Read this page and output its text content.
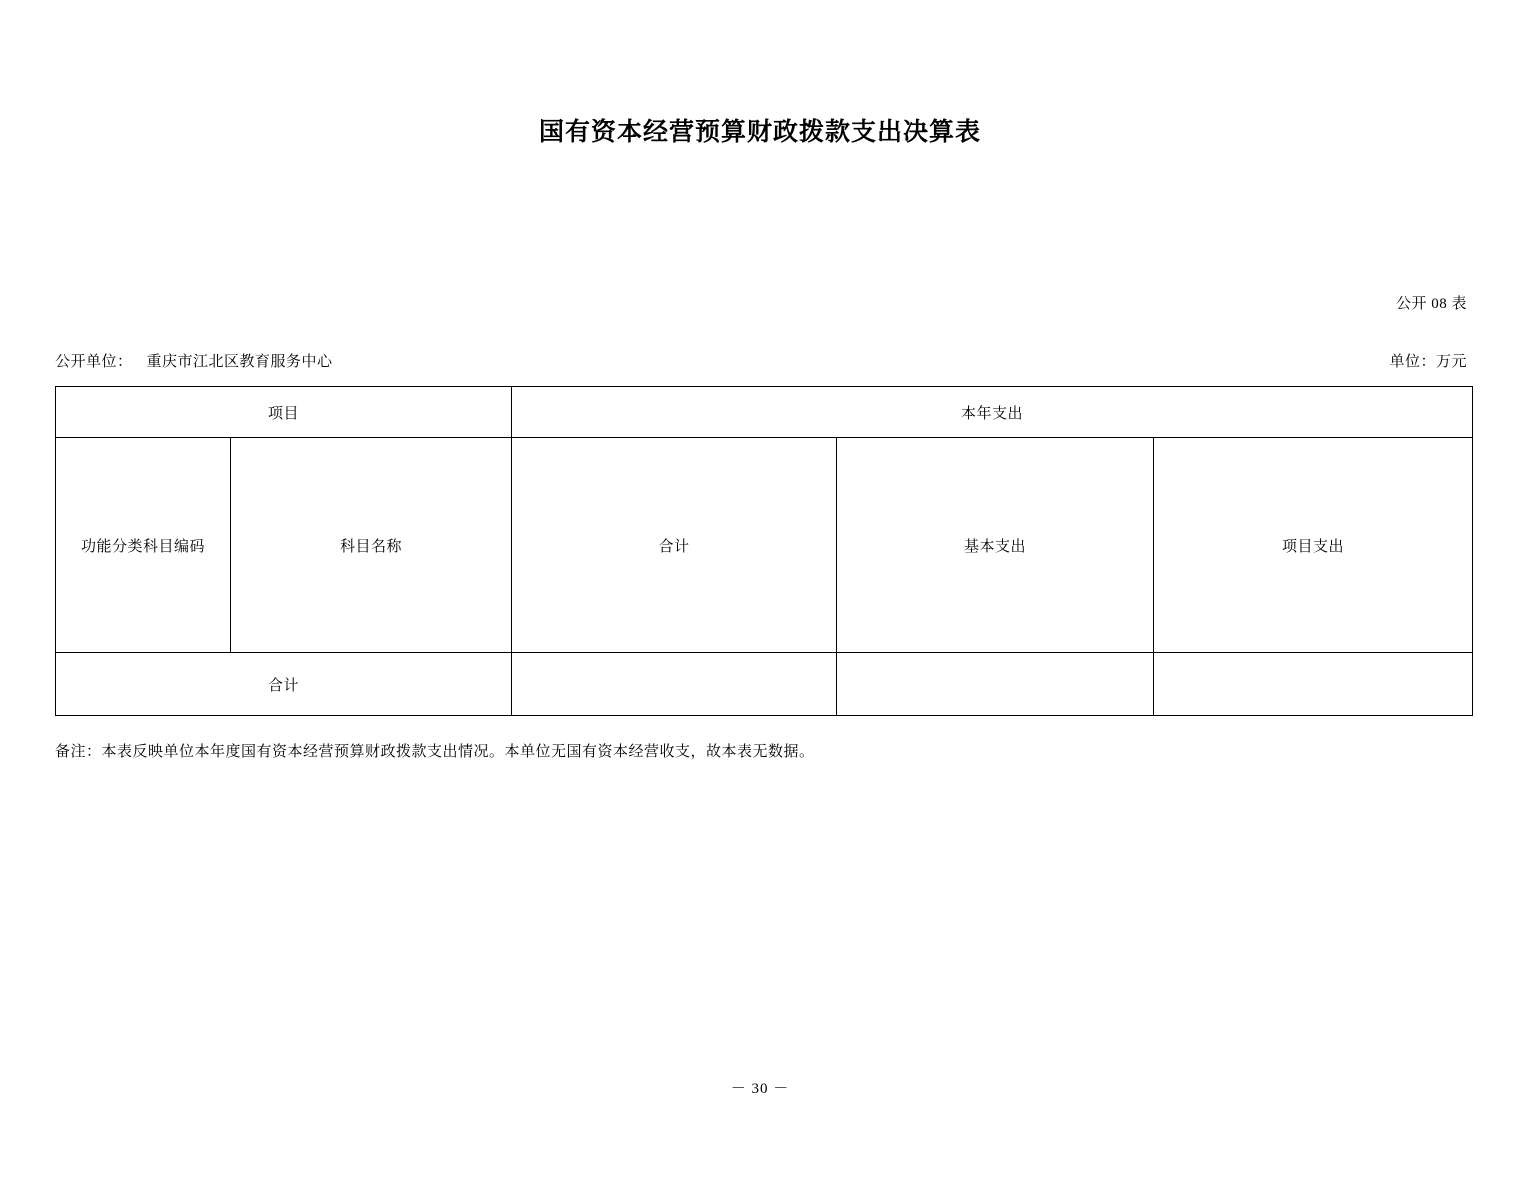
国有资本经营预算财政拨款支出决算表
公开 08 表
公开单位： 重庆市江北区教育服务中心	单位：万元
项目		本年支出		
功能分类科目编码	科目名称	合计	基本支出	项目支出
合计				
备注：本表反映单位本年度国有资本经营预算财政拨款支出情况。本单位无国有资本经营收支，故本表无数据。
－ 30 －
